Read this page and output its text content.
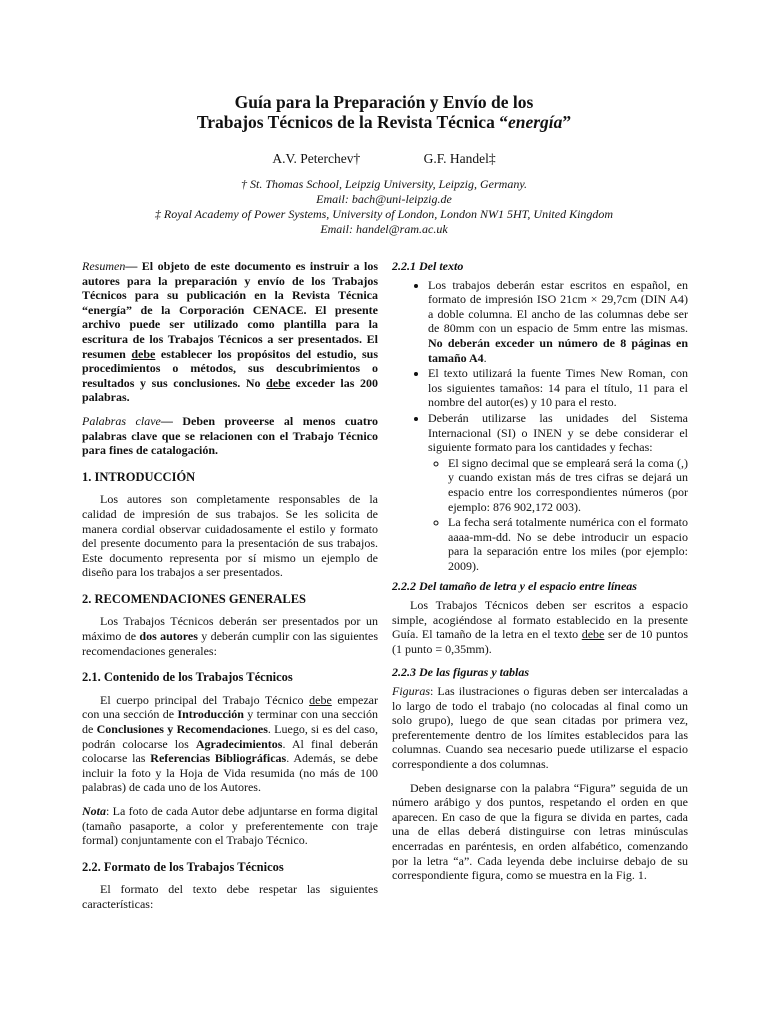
Guía para la Preparación y Envío de los
Trabajos Técnicos de la Revista Técnica “energía”
A.V. Peterchev†	G.F. Handel‡
† St. Thomas School, Leipzig University, Leipzig, Germany.
Email: bach@uni-leipzig.de
‡ Royal Academy of Power Systems, University of London, London NW1 5HT, United Kingdom
Email: handel@ram.ac.uk

Resumen— El objeto de este documento es instruir a los autores para la preparación y envío de los Trabajos Técnicos para su publicación en la Revista Técnica “energía” de la Corporación CENACE. El presente archivo puede ser utilizado como plantilla para la escritura de los Trabajos Técnicos a ser presentados. El resumen debe establecer los propósitos del estudio, sus procedimientos o métodos, sus descubrimientos o resultados y sus conclusiones. No debe exceder las 200 palabras.

Palabras clave— Deben proveerse al menos cuatro palabras clave que se relacionen con el Trabajo Técnico para fines de catalogación.

1. INTRODUCCIÓN

Los autores son completamente responsables de la calidad de impresión de sus trabajos. Se les solicita de manera cordial observar cuidadosamente el estilo y formato del presente documento para la presentación de sus trabajos. Este documento representa por sí mismo un ejemplo de diseño para los trabajos a ser presentados.

2. RECOMENDACIONES GENERALES

Los Trabajos Técnicos deberán ser presentados por un máximo de dos autores y deberán cumplir con las siguientes recomendaciones generales:

2.1. Contenido de los Trabajos Técnicos

El cuerpo principal del Trabajo Técnico debe empezar con una sección de Introducción y terminar con una sección de Conclusiones y Recomendaciones. Luego, si es del caso, podrán colocarse los Agradecimientos. Al final deberán colocarse las Referencias Bibliográficas. Además, se debe incluir la foto y la Hoja de Vida resumida (no más de 100 palabras) de cada uno de los Autores.

Nota: La foto de cada Autor debe adjuntarse en forma digital (tamaño pasaporte, a color y preferentemente con traje formal) conjuntamente con el Trabajo Técnico.

2.2. Formato de los Trabajos Técnicos

El formato del texto debe respetar las siguientes características:

2.2.1 Del texto
• Los trabajos deberán estar escritos en español, en formato de impresión ISO 21cm × 29,7cm (DIN A4) a doble columna. El ancho de las columnas debe ser de 80mm con un espacio de 5mm entre las mismas. No deberán exceder un número de 8 páginas en tamaño A4.
• El texto utilizará la fuente Times New Roman, con los siguientes tamaños: 14 para el título, 11 para el nombre del autor(es) y 10 para el resto.
• Deberán utilizarse las unidades del Sistema Internacional (SI) o INEN y se debe considerar el siguiente formato para los cantidades y fechas:
◦ El signo decimal que se empleará será la coma (,) y cuando existan más de tres cifras se dejará un espacio entre los correspondientes números (por ejemplo: 876 902,172 003).
◦ La fecha será totalmente numérica con el formato aaaa-mm-dd. No se debe introducir un espacio para la separación entre los miles (por ejemplo: 2009).
2.2.2 Del tamaño de letra y el espacio entre líneas

Los Trabajos Técnicos deben ser escritos a espacio simple, acogiéndose al formato establecido en la presente Guía. El tamaño de la letra en el texto debe ser de 10 puntos (1 punto = 0,35mm).

2.2.3 De las figuras y tablas

Figuras: Las ilustraciones o figuras deben ser intercaladas a lo largo de todo el trabajo (no colocadas al final como un solo grupo), luego de que sean citadas por primera vez, preferentemente dentro de los límites establecidos para las columnas. Cuando sea necesario puede utilizarse el espacio correspondiente a dos columnas.

Deben designarse con la palabra “Figura” seguida de un número arábigo y dos puntos, respetando el orden en que aparecen. En caso de que la figura se divida en partes, cada una de ellas deberá distinguirse con letras minúsculas encerradas en paréntesis, en orden alfabético, comenzando por la letra “a”. Cada leyenda debe incluirse debajo de su correspondiente figura, como se muestra en la Fig. 1.
